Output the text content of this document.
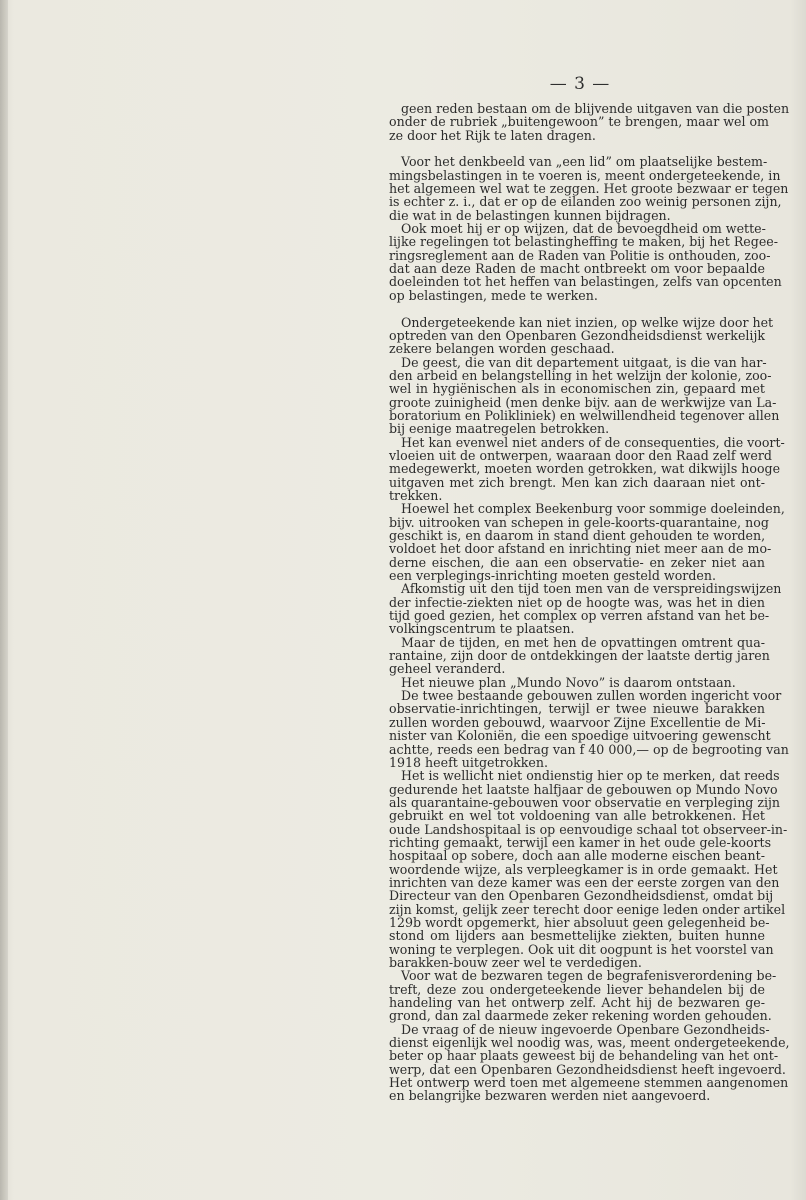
— 3 —
geen reden bestaan om de blijvende uitgaven van die posten
onder de rubriek „buitengewoon” te brengen, maar wel om
ze door het Rijk te laten dragen.
Voor het denkbeeld van „een lid” om plaatselijke bestem-
mingsbelastingen in te voeren is, meent ondergeteekende, in
het algemeen wel wat te zeggen. Het groote bezwaar er tegen
is echter z. i., dat er op de eilanden zoo weinig personen zijn,
die wat in de belastingen kunnen bijdragen.
Ook moet hij er op wijzen, dat de bevoegdheid om wette-
lijke regelingen tot belastingheffing te maken, bij het Regee-
ringsreglement aan de Raden van Politie is onthouden, zoo-
dat aan deze Raden de macht ontbreekt om voor bepaalde
doeleinden tot het heffen van belastingen, zelfs van opcenten
op belastingen, mede te werken.
Ondergeteekende kan niet inzien, op welke wijze door het
optreden van den Openbaren Gezondheidsdienst werkelijk
zekere belangen worden geschaad.
De geest, die van dit departement uitgaat, is die van har-
den arbeid en belangstelling in het welzijn der kolonie, zoo-
wel in hygiënischen als in economischen zin, gepaard met
groote zuinigheid (men denke bijv. aan de werkwijze van La-
boratorium en Polikliniek) en welwillendheid tegenover allen
bij eenige maatregelen betrokken.
Het kan evenwel niet anders of de consequenties, die voort-
vloeien uit de ontwerpen, waaraan door den Raad zelf werd
medegewerkt, moeten worden getrokken, wat dikwijls hooge
uitgaven met zich brengt. Men kan zich daaraan niet ont-
trekken.
Hoewel het complex Beekenburg voor sommige doeleinden,
bijv. uitrooken van schepen in gele-koorts-quarantaine, nog
geschikt is, en daarom in stand dient gehouden te worden,
voldoet het door afstand en inrichting niet meer aan de mo-
derne eischen, die aan een observatie- en zeker niet aan
een verplegings-inrichting moeten gesteld worden.
Afkomstig uit den tijd toen men van de verspreidingswijzen
der infectie-ziekten niet op de hoogte was, was het in dien
tijd goed gezien, het complex op verren afstand van het be-
volkingscentrum te plaatsen.
Maar de tijden, en met hen de opvattingen omtrent qua-
rantaine, zijn door de ontdekkingen der laatste dertig jaren
geheel veranderd.
Het nieuwe plan „Mundo Novo” is daarom ontstaan.
De twee bestaande gebouwen zullen worden ingericht voor
observatie-inrichtingen, terwijl er twee nieuwe barakken
zullen worden gebouwd, waarvoor Zijne Excellentie de Mi-
nister van Koloniën, die een spoedige uitvoering gewenscht
achtte, reeds een bedrag van f 40 000,— op de begrooting van
1918 heeft uitgetrokken.
Het is wellicht niet ondienstig hier op te merken, dat reeds
gedurende het laatste halfjaar de gebouwen op Mundo Novo
als quarantaine-gebouwen voor observatie en verpleging zijn
gebruikt en wel tot voldoening van alle betrokkenen. Het
oude Landshospitaal is op eenvoudige schaal tot observeer-in-
richting gemaakt, terwijl een kamer in het oude gele-koorts
hospitaal op sobere, doch aan alle moderne eischen beant-
woordende wijze, als verpleegkamer is in orde gemaakt. Het
inrichten van deze kamer was een der eerste zorgen van den
Directeur van den Openbaren Gezondheidsdienst, omdat bij
zijn komst, gelijk zeer terecht door eenige leden onder artikel
129b wordt opgemerkt, hier absoluut geen gelegenheid be-
stond om lijders aan besmettelijke ziekten, buiten hunne
woning te verplegen. Ook uit dit oogpunt is het voorstel van
barakken-bouw zeer wel te verdedigen.
Voor wat de bezwaren tegen de begrafenisverordening be-
treft, deze zou ondergeteekende liever behandelen bij de
handeling van het ontwerp zelf. Acht hij de bezwaren ge-
grond, dan zal daarmede zeker rekening worden gehouden.
De vraag of de nieuw ingevoerde Openbare Gezondheids-
dienst eigenlijk wel noodig was, was, meent ondergeteekende,
beter op haar plaats geweest bij de behandeling van het ont-
werp, dat een Openbaren Gezondheidsdienst heeft ingevoerd.
Het ontwerp werd toen met algemeene stemmen aangenomen
en belangrijke bezwaren werden niet aangevoerd.
